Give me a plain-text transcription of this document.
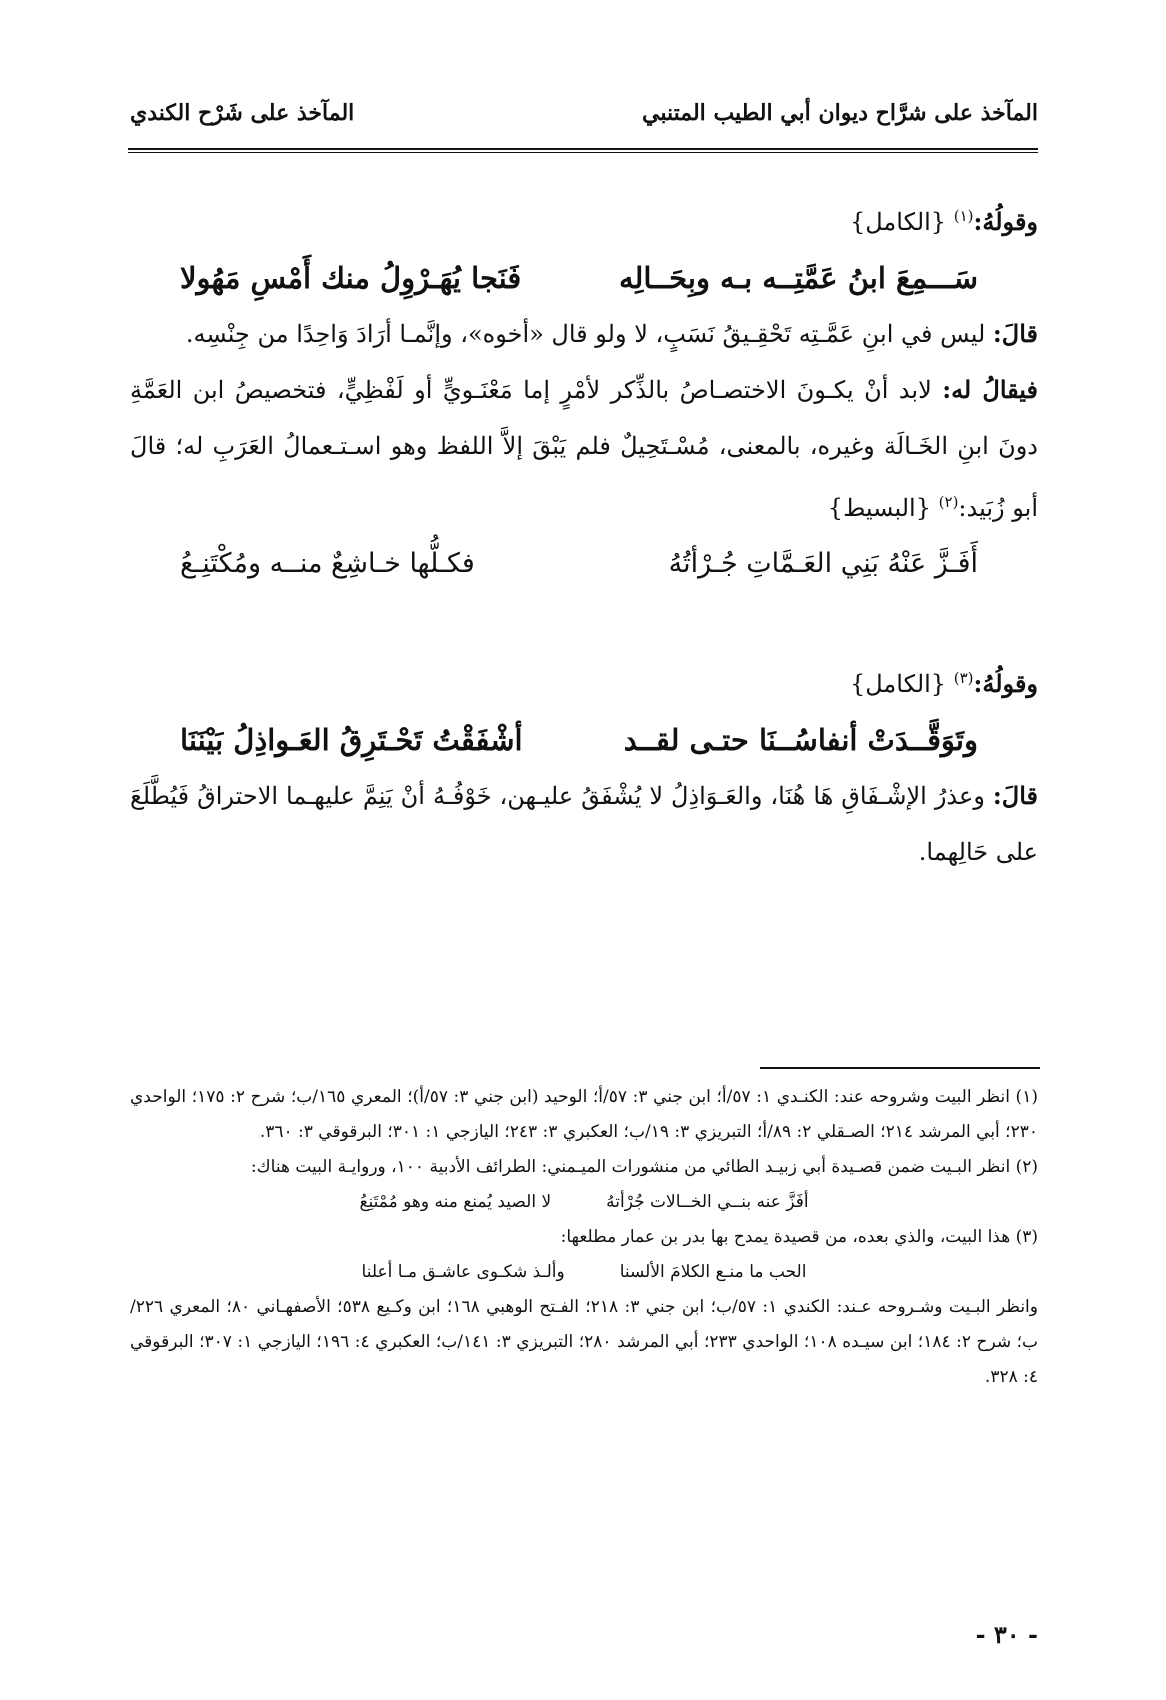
المآخذ على شرَّاح ديوان أبي الطيب المتنبي
المآخذ على شَرْح الكندي

وقولُهُ:$^{(١)}$ {الكامل}

سَـــمِعَ ابنُ عَمَّتِــه بـه وبِحَــالِه
فَنَجا يُهَـرْوِلُ منك أَمْسِ مَهُولا

قالَ: ليس في ابنِ عَمَّـتِه تَحْقِـيقُ نَسَبٍ، لا ولو قال «أخوه»، وإنَّمـا أرَادَ وَاحِدًا من جِنْسِه.

فيقالُ له: لابد أنْ يكـونَ الاختصـاصُ بالذِّكر لأمْرٍ إما مَعْنَـويٍّ أو لَفْظِيٍّ، فتخصيصُ ابن العَمَّةِ دونَ ابنِ الخَـالَة وغيره، بالمعنى، مُسْـتَحِيلٌ فلم يَبْقَ إلاَّ اللفظ وهو اسـتـعمالُ العَرَبِ له؛ قالَ أبو زُبَيد:$^{(٢)}$ {البسيط}

أَفَـزَّ عَنْهُ بَنِي العَـمَّاتِ جُـرْأتُهُ
فكـلُّها خـاشِعٌ منــه ومُكْتَنِـعُ

وقولُهُ:$^{(٣)}$ {الكامل}

وتَوَقَّــدَتْ أنفاسُــنَا حتـى لقــد
أشْفَقْتُ تَحْـتَرِقُ العَـواذِلُ بَيْنَنَا

قالَ: وعذرُ الإشْـفَاقِ هَا هُنَا، والعَـوَاذِلُ لا يُشْفَقُ عليـهن، خَوْفُـهُ أنْ يَنِمَّ عليهـما الاحتراقُ فَيُطَّلَعَ على حَالِهما.

(١) انظر البيت وشروحه عند: الكنـدي ١: ٥٧/أ؛ ابن جني ٣: ٥٧/أ؛ الوحيد (ابن جني ٣: ٥٧/أ)؛ المعري ١٦٥/ب؛ شرح ٢: ١٧٥؛ الواحدي ٢٣٠؛ أبي المرشد ٢١٤؛ الصـقلي ٢: ٨٩/أ؛ التبريزي ٣: ١٩/ب؛ العكبري ٣: ٢٤٣؛ اليازجي ١: ٣٠١؛ البرقوقي ٣: ٣٦٠.

(٢) انظر البـيت ضمن قصـيدة أبي زبيـد الطائي من منشورات الميـمني: الطرائف الأدبية ١٠٠، وروايـة البيت هناك:

أفَزَّ عنه بنــي الخــالات جُرْأتهُ
لا الصيد يُمنع منه وهو مُمْتَنِعُ

(٣) هذا البيت، والذي بعده، من قصيدة يمدح بها بدر بن عمار مطلعها:

الحب ما منـع الكلامَ الألسنا
وألـذ شكـوى عاشـق مـا أعلنا

وانظر البـيت وشـروحه عـند: الكندي ١: ٥٧/ب؛ ابن جني ٣: ٢١٨؛ الفـتح الوهبي ١٦٨؛ ابن وكـيع ٥٣٨؛ الأصفهـاني ٨٠؛ المعري ٢٢٦/ب؛ شرح ٢: ١٨٤؛ ابن سيـده ١٠٨؛ الواحدي ٢٣٣؛ أبي المرشد ٢٨٠؛ التبريزي ٣: ١٤١/ب؛ العكبري ٤: ١٩٦؛ اليازجي ١: ٣٠٧؛ البرقوقي ٤: ٣٢٨.

- ٣٠ -
